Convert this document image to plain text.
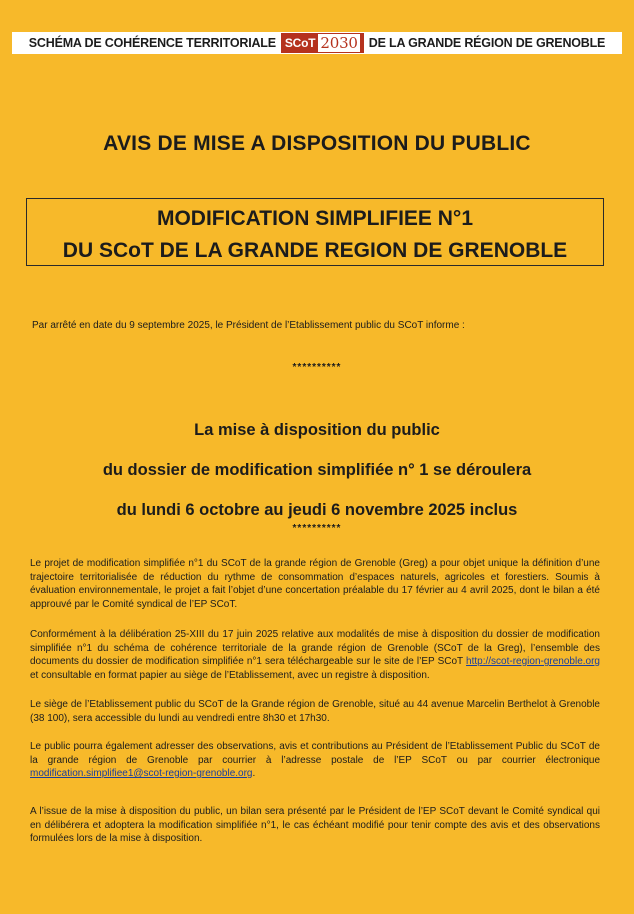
SCHÉMA DE COHÉRENCE TERRITORIALE SCoT 2030 DE LA GRANDE RÉGION DE GRENOBLE
AVIS DE MISE A DISPOSITION DU PUBLIC
MODIFICATION SIMPLIFIEE N°1
DU SCoT DE LA GRANDE REGION DE GRENOBLE
Par arrêté en date du 9 septembre 2025, le Président de l’Etablissement public du SCoT informe :
**********
La mise à disposition du public
du dossier de modification simplifiée n° 1 se déroulera
du lundi 6 octobre au jeudi 6 novembre 2025 inclus
**********
Le projet de modification simplifiée n°1 du SCoT de la grande région de Grenoble (Greg) a pour objet unique la définition d’une trajectoire territorialisée de réduction du rythme de consommation d’espaces naturels, agricoles et forestiers. Soumis à évaluation environnementale, le projet a fait l’objet d’une concertation préalable du 17 février au 4 avril 2025, dont le bilan a été approuvé par le Comité syndical de l’EP SCoT.
Conformément à la délibération 25-XIII du 17 juin 2025 relative aux modalités de mise à disposition du dossier de modification simplifiée n°1 du schéma de cohérence territoriale de la grande région de Grenoble (SCoT de la Greg), l’ensemble des documents du dossier de modification simplifiée n°1 sera téléchargeable sur le site de l’EP SCoT http://scot-region-grenoble.org et consultable en format papier au siège de l’Etablissement, avec un registre à disposition.
Le siège de l’Etablissement public du SCoT de la Grande région de Grenoble, situé au 44 avenue Marcelin Berthelot à Grenoble (38 100), sera accessible du lundi au vendredi entre 8h30 et 17h30.
Le public pourra également adresser des observations, avis et contributions au Président de l’Etablissement Public du SCoT de la grande région de Grenoble par courrier à l’adresse postale de l’EP SCoT ou par courrier électronique modification.simplifiee1@scot-region-grenoble.org.
A l’issue de la mise à disposition du public, un bilan sera présenté par le Président de l’EP SCoT devant le Comité syndical qui en délibérera et adoptera la modification simplifiée n°1, le cas échéant modifié pour tenir compte des avis et des observations formulées lors de la mise à disposition.
